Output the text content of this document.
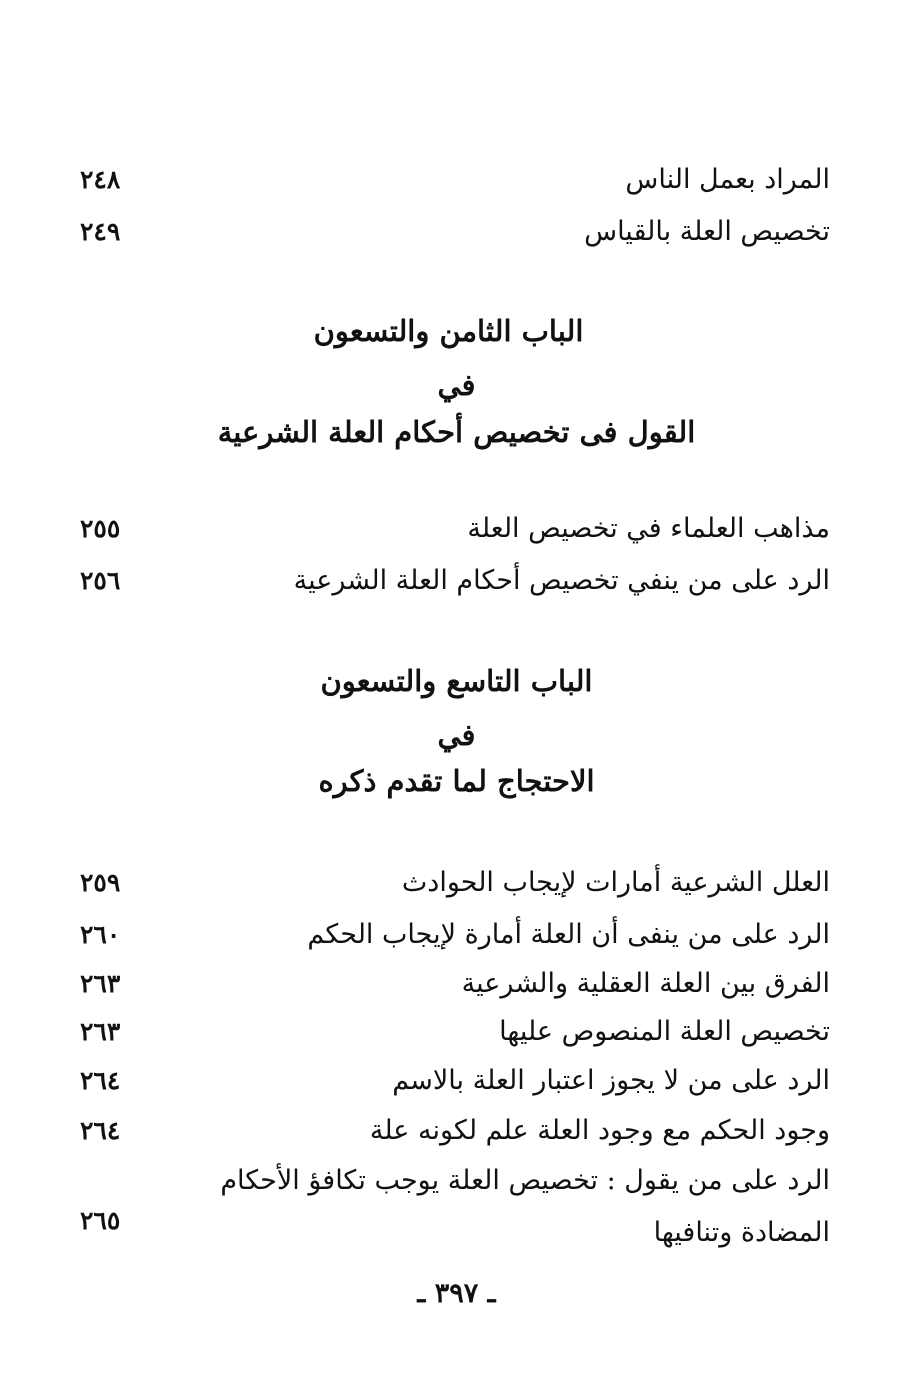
المراد بعمل الناس
٢٤٨
تخصيص العلة بالقياس
٢٤٩
الباب الثامن والتسعون
في
القول فى تخصيص أحكام العلة الشرعية
مذاهب العلماء في تخصيص العلة
٢٥٥
الرد على من ينفي تخصيص أحكام العلة الشرعية
٢٥٦
الباب التاسع والتسعون
في
الاحتجاج لما تقدم ذكره
العلل الشرعية أمارات لإيجاب الحوادث
٢٥٩
الرد على من ينفى أن العلة أمارة لإيجاب الحكم
٢٦٠
الفرق بين العلة العقلية والشرعية
٢٦٣
تخصيص العلة المنصوص عليها
٢٦٣
الرد على من لا يجوز اعتبار العلة بالاسم
٢٦٤
وجود الحكم مع وجود العلة علم لكونه علة
٢٦٤
الرد على من يقول : تخصيص العلة يوجب تكافؤ الأحكام
المضادة وتنافيها
٢٦٥
ـ ٣٩٧ ـ
